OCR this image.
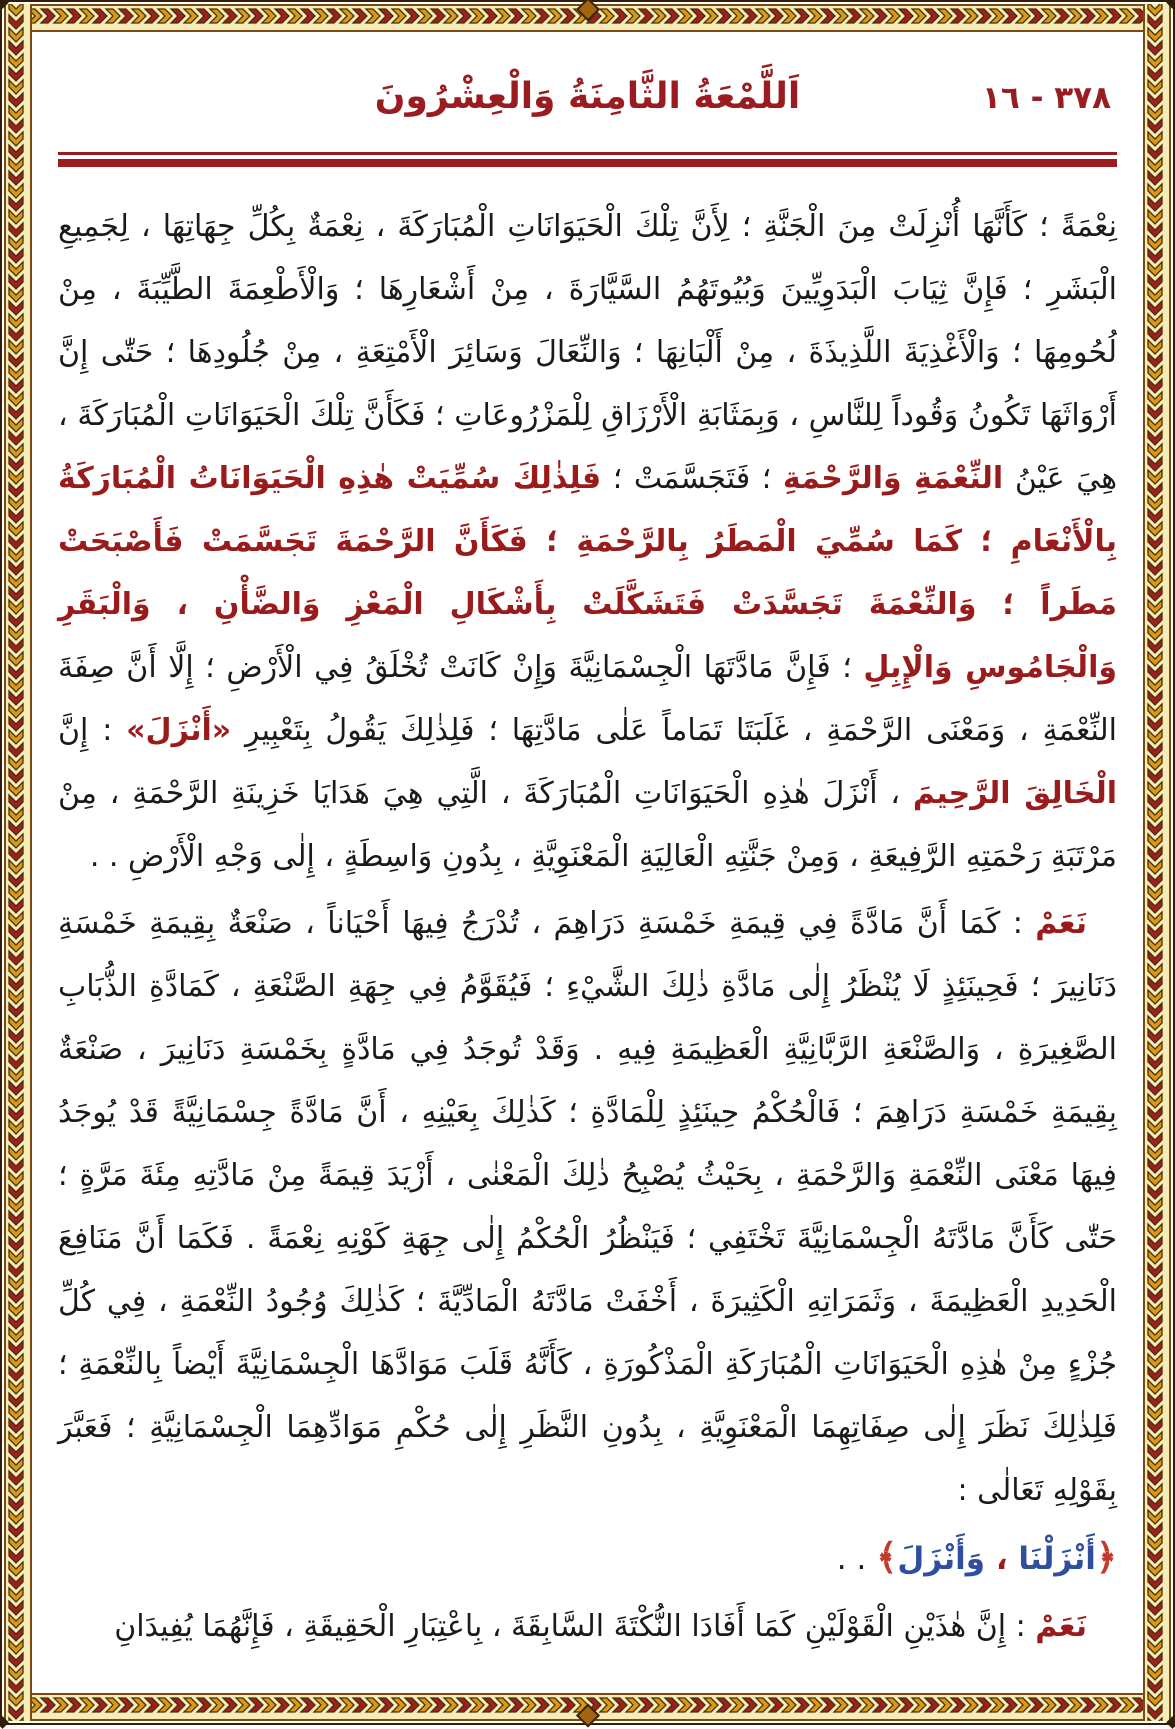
اَللَّمْعَةُ الثَّامِنَةُ وَالْعِشْرُونَ	٣٧٨ - ١٦

نِعْمَةً ؛ كَأَنَّهَا أُنْزِلَتْ مِنَ الْجَنَّةِ ؛ لِأَنَّ تِلْكَ الْحَيَوَانَاتِ الْمُبَارَكَةَ ، نِعْمَةٌ بِكُلِّ جِهَاتِهَا ، لِجَمِيعِ الْبَشَرِ ؛ فَإِنَّ ثِيَابَ الْبَدَوِيِّينَ وَبُيُوتَهُمُ السَّيَّارَةَ ، مِنْ أَشْعَارِهَا ؛ وَالْأَطْعِمَةَ الطَّيِّبَةَ ، مِنْ لُحُومِهَا ؛ وَالْأَغْذِيَةَ اللَّذِيذَةَ ، مِنْ أَلْبَانِهَا ؛ وَالنِّعَالَ وَسَائِرَ الْأَمْتِعَةِ ، مِنْ جُلُودِهَا ؛ حَتّٰى إِنَّ أَرْوَاثَهَا تَكُونُ وَقُوداً لِلنَّاسِ ، وَبِمَثَابَةِ الْأَرْزَاقِ لِلْمَزْرُوعَاتِ ؛ فَكَأَنَّ تِلْكَ الْحَيَوَانَاتِ الْمُبَارَكَةَ ، هِيَ عَيْنُ النِّعْمَةِ وَالرَّحْمَةِ ؛ فَتَجَسَّمَتْ ؛ فَلِذٰلِكَ سُمِّيَتْ هٰذِهِ الْحَيَوَانَاتُ الْمُبَارَكَةُ بِالْأَنْعَامِ ؛ كَمَا سُمِّيَ الْمَطَرُ بِالرَّحْمَةِ ؛ فَكَأَنَّ الرَّحْمَةَ تَجَسَّمَتْ فَأَصْبَحَتْ مَطَراً ؛ وَالنِّعْمَةَ تَجَسَّدَتْ فَتَشَكَّلَتْ بِأَشْكَالِ الْمَعْزِ وَالضَّأْنِ ، وَالْبَقَرِ وَالْجَامُوسِ وَالْإِبِلِ ؛ فَإِنَّ مَادَّتَهَا الْجِسْمَانِيَّةَ وَإِنْ كَانَتْ تُخْلَقُ فِي الْأَرْضِ ؛ إِلَّا أَنَّ صِفَةَ النِّعْمَةِ ، وَمَعْنَى الرَّحْمَةِ ، غَلَبَتَا تَمَاماً عَلٰى مَادَّتِهَا ؛ فَلِذٰلِكَ يَقُولُ بِتَعْبِيرِ «أَنْزَلَ» : إِنَّ الْخَالِقَ الرَّحِيمَ ، أَنْزَلَ هٰذِهِ الْحَيَوَانَاتِ الْمُبَارَكَةَ ، الَّتِي هِيَ هَدَايَا خَزِينَةِ الرَّحْمَةِ ، مِنْ مَرْتَبَةِ رَحْمَتِهِ الرَّفِيعَةِ ، وَمِنْ جَنَّتِهِ الْعَالِيَةِ الْمَعْنَوِيَّةِ ، بِدُونِ وَاسِطَةٍ ، إِلٰى وَجْهِ الْأَرْضِ . .

نَعَمْ : كَمَا أَنَّ مَادَّةً فِي قِيمَةِ خَمْسَةِ دَرَاهِمَ ، تُدْرَجُ فِيهَا أَحْيَاناً ، صَنْعَةٌ بِقِيمَةِ خَمْسَةِ دَنَانِيرَ ؛ فَحِينَئِذٍ لَا يُنْظَرُ إِلٰى مَادَّةِ ذٰلِكَ الشَّيْءِ ؛ فَيُقَوَّمُ فِي جِهَةِ الصَّنْعَةِ ، كَمَادَّةِ الذُّبَابِ الصَّغِيرَةِ ، وَالصَّنْعَةِ الرَّبَّانِيَّةِ الْعَظِيمَةِ فِيهِ . وَقَدْ تُوجَدُ فِي مَادَّةٍ بِخَمْسَةِ دَنَانِيرَ ، صَنْعَةٌ بِقِيمَةِ خَمْسَةِ دَرَاهِمَ ؛ فَالْحُكْمُ حِينَئِذٍ لِلْمَادَّةِ ؛ كَذٰلِكَ بِعَيْنِهِ ، أَنَّ مَادَّةً جِسْمَانِيَّةً قَدْ يُوجَدُ فِيهَا مَعْنَى النِّعْمَةِ وَالرَّحْمَةِ ، بِحَيْثُ يُصْبِحُ ذٰلِكَ الْمَعْنٰى ، أَزْيَدَ قِيمَةً مِنْ مَادَّتِهِ مِئَةَ مَرَّةٍ ؛ حَتّٰى كَأَنَّ مَادَّتَهُ الْجِسْمَانِيَّةَ تَخْتَفِي ؛ فَيَنْظُرُ الْحُكْمُ إِلٰى جِهَةِ كَوْنِهِ نِعْمَةً . فَكَمَا أَنَّ مَنَافِعَ الْحَدِيدِ الْعَظِيمَةَ ، وَثَمَرَاتِهِ الْكَثِيرَةَ ، أَخْفَتْ مَادَّتَهُ الْمَادِّيَّةَ ؛ كَذٰلِكَ وُجُودُ النِّعْمَةِ ، فِي كُلِّ جُزْءٍ مِنْ هٰذِهِ الْحَيَوَانَاتِ الْمُبَارَكَةِ الْمَذْكُورَةِ ، كَأَنَّهُ قَلَبَ مَوَادَّهَا الْجِسْمَانِيَّةَ أَيْضاً بِالنِّعْمَةِ ؛ فَلِذٰلِكَ نَظَرَ إِلٰى صِفَاتِهِمَا الْمَعْنَوِيَّةِ ، بِدُونِ النَّظَرِ إِلٰى حُكْمِ مَوَادِّهِمَا الْجِسْمَانِيَّةِ ؛ فَعَبَّرَ بِقَوْلِهِ تَعَالٰى :

﴿أَنْزَلْنَا ، وَأَنْزَلَ﴾ . .

نَعَمْ : إِنَّ هٰذَيْنِ الْقَوْلَيْنِ كَمَا أَفَادَا النُّكْتَةَ السَّابِقَةَ ، بِاعْتِبَارِ الْحَقِيقَةِ ، فَإِنَّهُمَا يُفِيدَانِ
